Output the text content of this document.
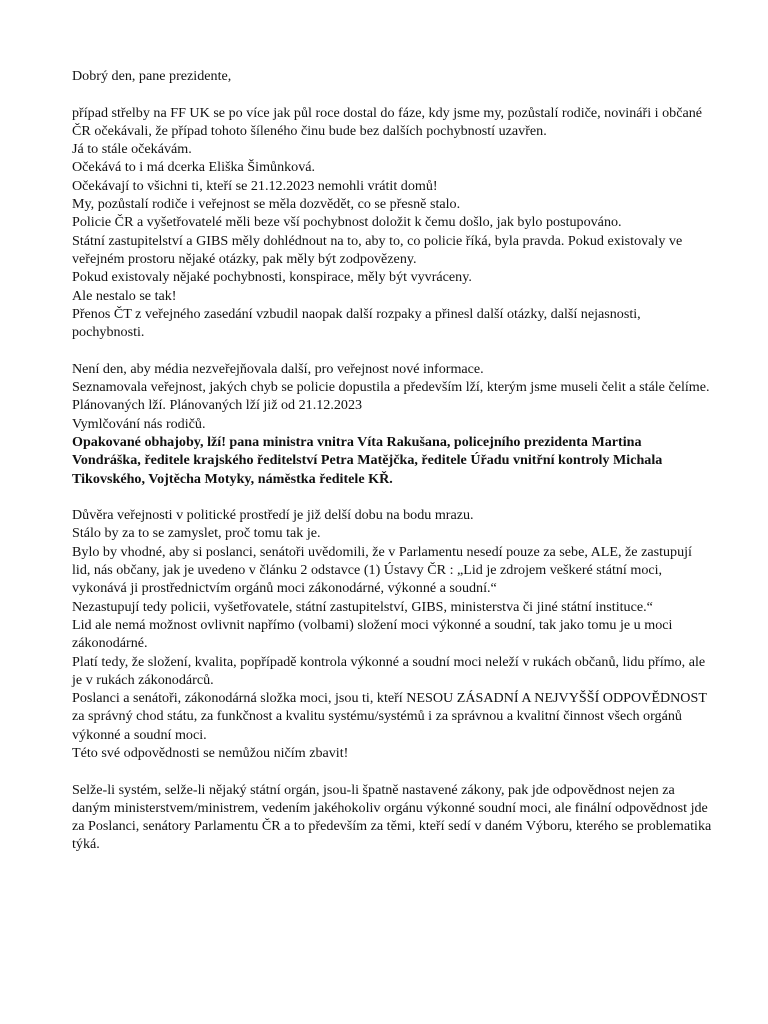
Dobrý den, pane prezidente,

případ střelby na FF UK se po více jak půl roce dostal do fáze, kdy jsme my, pozůstalí rodiče, novináři i občané ČR očekávali, že případ tohoto šíleného činu bude bez dalších pochybností uzavřen.

Já to stále očekávám.

Očekává to i má dcerka Eliška Šimůnková.

Očekávají to všichni ti, kteří se 21.12.2023 nemohli vrátit domů!

My, pozůstalí rodiče i veřejnost se měla dozvědět, co se přesně stalo.

Policie ČR a vyšetřovatelé měli beze vší pochybnost doložit k čemu došlo, jak bylo postupováno.

Státní zastupitelství a GIBS měly dohlédnout na to, aby to, co policie říká, byla pravda. Pokud existovaly ve veřejném prostoru nějaké otázky, pak měly být zodpovězeny.

Pokud existovaly nějaké pochybnosti, konspirace, měly být vyvráceny.

Ale nestalo se tak!

Přenos ČT z veřejného zasedání vzbudil naopak další rozpaky a přinesl další otázky, další nejasnosti, pochybnosti.

Není den, aby média nezveřejňovala další, pro veřejnost nové informace.

Seznamovala veřejnost, jakých chyb se policie dopustila a především lží, kterým jsme museli čelit a stále čelíme.

Plánovaných lží. Plánovaných lží již od 21.12.2023

Vymlčování nás rodičů.

Opakované obhajoby, lží! pana ministra vnitra Víta Rakušana, policejního prezidenta Martina Vondráška, ředitele krajského ředitelství Petra Matějčka, ředitele Úřadu vnitřní kontroly Michala Tikovského, Vojtěcha Motyky, náměstka ředitele KŘ.

Důvěra veřejnosti v politické prostředí je již delší dobu na bodu mrazu.

Stálo by za to se zamyslet, proč tomu tak je.

Bylo by vhodné, aby si poslanci, senátoři uvědomili, že v Parlamentu nesedí pouze za sebe, ALE, že zastupují lid, nás občany, jak je uvedeno v článku 2 odstavce (1) Ústavy ČR : „Lid je zdrojem veškeré státní moci, vykonává ji prostřednictvím orgánů moci zákonodárné, výkonné a soudní.“

Nezastupují tedy policii, vyšetřovatele, státní zastupitelství, GIBS, ministerstva či jiné státní instituce.“

Lid ale nemá možnost ovlivnit napřímo (volbami) složení moci výkonné a soudní, tak jako tomu je u moci zákonodárné.

Platí tedy, že složení, kvalita, popřípadě kontrola výkonné a soudní moci neleží v rukách občanů, lidu přímo, ale je v rukách zákonodárců.

Poslanci a senátoři, zákonodárná složka moci, jsou ti, kteří NESOU ZÁSADNÍ A NEJVYŠŠÍ ODPOVĚDNOST za správný chod státu, za funkčnost a kvalitu systému/systémů i za správnou a kvalitní činnost všech orgánů výkonné a soudní moci.

Této své odpovědnosti se nemůžou ničím zbavit!

Selže-li systém, selže-li nějaký státní orgán, jsou-li špatně nastavené zákony, pak jde odpovědnost nejen za daným ministerstvem/ministrem, vedením jakéhokoliv orgánu výkonné soudní moci, ale finální odpovědnost jde za Poslanci, senátory Parlamentu ČR a to především za těmi, kteří sedí v daném Výboru, kterého se problematika týká.
